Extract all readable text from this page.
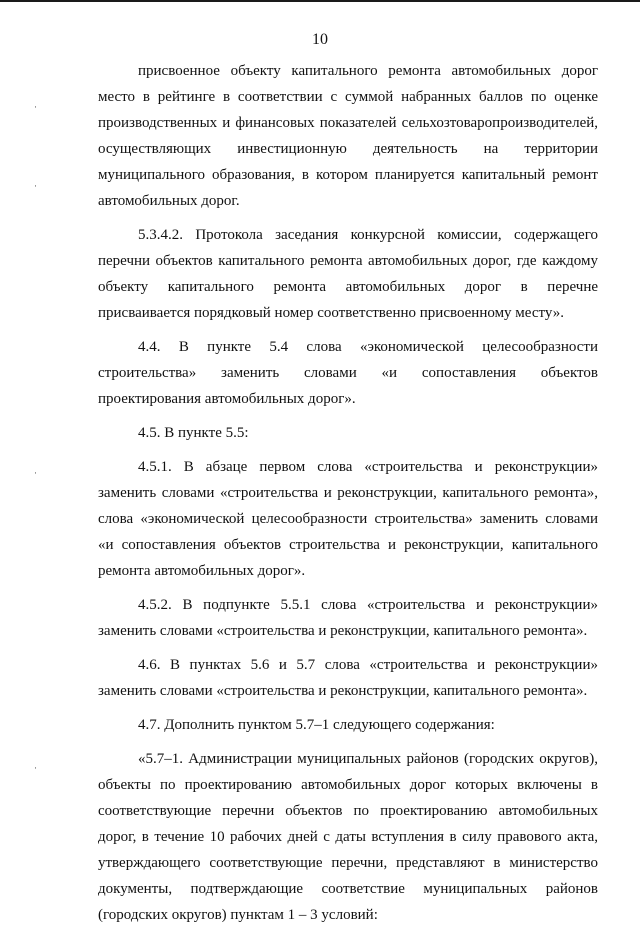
10
·
·
·
·

присвоенное объекту капитального ремонта автомобильных дорог место в рейтинге в соответствии с суммой набранных баллов по оценке производственных и финансовых показателей сельхозтоваропроизводителей, осуществляющих инвестиционную деятельность на территории муниципального образования, в котором планируется капитальный ремонт автомобильных дорог.

5.3.4.2. Протокола заседания конкурсной комиссии, содержащего перечни объектов капитального ремонта автомобильных дорог, где каждому объекту капитального ремонта автомобильных дорог в перечне присваивается порядковый номер соответственно присвоенному месту».

4.4. В пункте 5.4 слова «экономической целесообразности строительства» заменить словами «и сопоставления объектов проектирования автомобильных дорог».

4.5. В пункте 5.5:

4.5.1. В абзаце первом слова «строительства и реконструкции» заменить словами «строительства и реконструкции, капитального ремонта», слова «экономической целесообразности строительства» заменить словами «и сопоставления объектов строительства и реконструкции, капитального ремонта автомобильных дорог».

4.5.2. В подпункте 5.5.1 слова «строительства и реконструкции» заменить словами «строительства и реконструкции, капитального ремонта».

4.6. В пунктах 5.6 и 5.7 слова «строительства и реконструкции» заменить словами «строительства и реконструкции, капитального ремонта».

4.7. Дополнить пунктом 5.7–1 следующего содержания:

«5.7–1. Администрации муниципальных районов (городских округов), объекты по проектированию автомобильных дорог которых включены в соответствующие перечни объектов по проектированию автомобильных дорог, в течение 10 рабочих дней с даты вступления в силу правового акта, утверждающего соответствующие перечни, представляют в министерство документы, подтверждающие соответствие муниципальных районов (городских округов) пунктам 1 – 3 условий:
